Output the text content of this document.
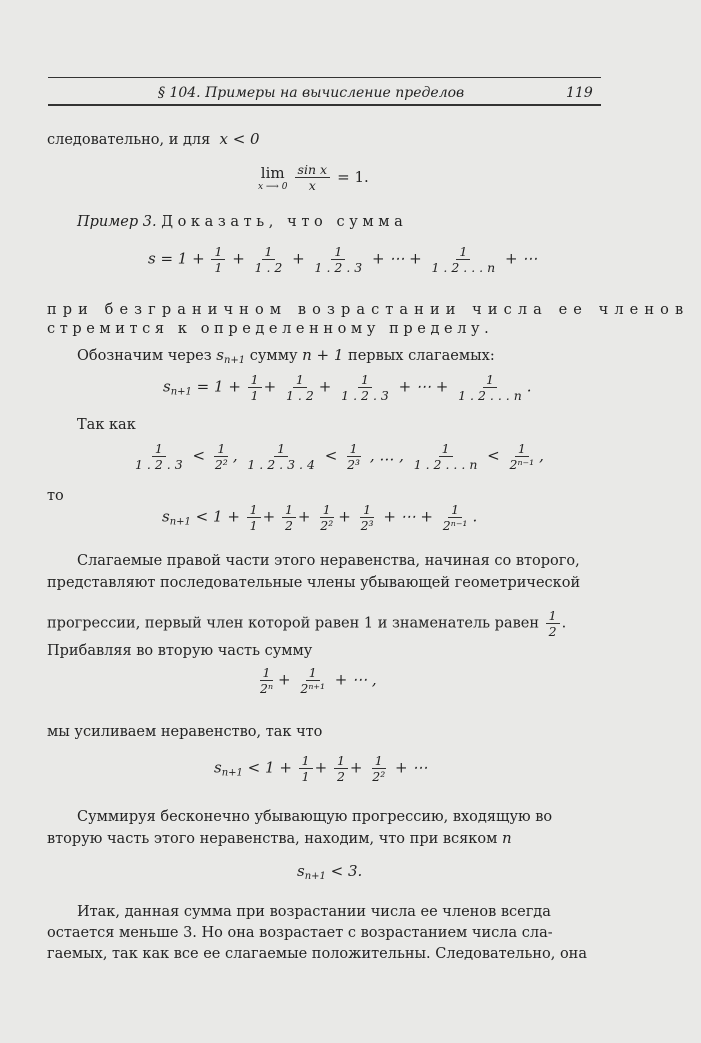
§ 104. Примеры на вычисление пределов	119
следовательно, и для x < 0
lim
x ⟶ 0
$\frac{\text{sin x}}{x} = 1$.
Пример 3. Доказать, что сумма
$s = 1 + \frac{1}{1} + \frac{1}{1 . 2} + \frac{1}{1 . 2 . 3}$ + ⋯ + $\frac{1}{1 . 2 . . . n}$ + ⋯
при безграничном возрастании числа ее членов
стремится к определенному пределу.
Обозначим через $s_{n+1}$ сумму n + 1 первых слагаемых:
$s_{n+1} = 1 + \frac{1}{1} + \frac{1}{1 . 2} + \frac{1}{1 . 2 . 3}$ + ⋯ + $\frac{1}{1 . 2 . . . n}$ .
Так как
$\frac{1}{1 . 2 . 3} < \frac{1}{\text{2²}}$ , $\frac{1}{1 . 2 . 3 . 4} < \frac{1}{\text{2³}}$ , … , $\frac{1}{1 . 2 . . . n} < \frac{1}{\text{2ⁿ⁻¹}}$ ,
то
$s_{n+1} < 1 + \frac{1}{1} + \frac{1}{2} + \frac{1}{\text{2²}} + \frac{1}{\text{2³}}$ + ⋯ + $\frac{1}{\text{2ⁿ⁻¹}}$ .
Слагаемые правой части этого неравенства, начиная со второго,
представляют последовательные члены убывающей геометрической
прогрессии, первый член которой равен 1 и знаменатель равен $\frac{1}{2}$ .
Прибавляя во вторую часть сумму
$\frac{1}{\text{2ⁿ}} + \frac{1}{\text{2ⁿ⁺¹}}$ + ⋯ ,
мы усиливаем неравенство, так что
$s_{n+1} < 1 + \frac{1}{1} + \frac{1}{2} + \frac{1}{\text{2²}}$ + ⋯
Суммируя бесконечно убывающую прогрессию, входящую во
вторую часть этого неравенства, находим, что при всяком n
$s_{n+1} < 3$.
Итак, данная сумма при возрастании числа ее членов всегда
остается меньше 3. Но она возрастает с возрастанием числа сла-
гаемых, так как все ее слагаемые положительны. Следовательно, она
